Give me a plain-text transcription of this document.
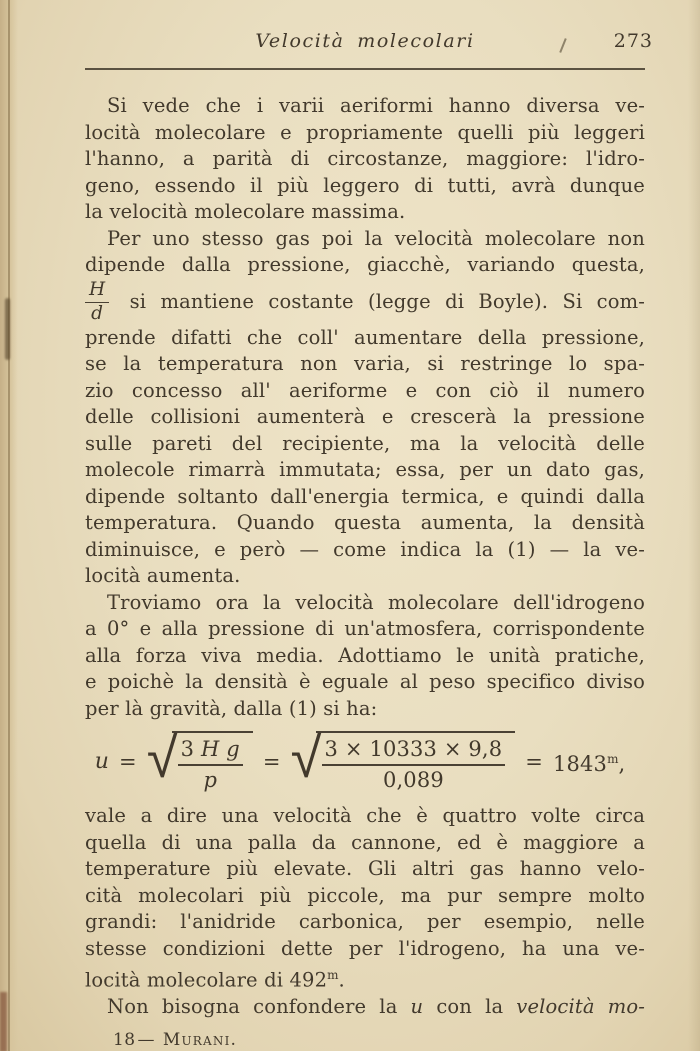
Velocità molecolari	273
Si vede che i varii aeriformi hanno diversa ve-
locità molecolare e propriamente quelli più leggeri
l'hanno, a parità di circostanze, maggiore: l'idro-
geno, essendo il più leggero di tutti, avrà dunque
la velocità molecolare massima.
Per uno stesso gas poi la velocità molecolare non
dipende dalla pressione, giacchè, variando questa,
$\frac{H}{d}$ si mantiene costante (legge di Boyle). Si com-
prende difatti che coll' aumentare della pressione,
se la temperatura non varia, si restringe lo spa-
zio concesso all' aeriforme e con ciò il numero
delle collisioni aumenterà e crescerà la pressione
sulle pareti del recipiente, ma la velocità delle
molecole rimarrà immutata; essa, per un dato gas,
dipende soltanto dall'energia termica, e quindi dalla
temperatura. Quando questa aumenta, la densità
diminuisce, e però — come indica la (1) — la ve-
locità aumenta.
Troviamo ora la velocità molecolare dell'idrogeno
a 0° e alla pressione di un'atmosfera, corrispondente
alla forza viva media. Adottiamo le unità pratiche,
e poichè la densità è eguale al peso specifico diviso
per là gravità, dalla (1) si ha:
u = √ $\frac{\text{3 H g}}{p}$ = √ $\frac{3 \times 10333 \times 9,8}{0,089} = 1843^m$,
vale a dire una velocità che è quattro volte circa
quella di una palla da cannone, ed è maggiore a
temperature più elevate. Gli altri gas hanno velo-
cità molecolari più piccole, ma pur sempre molto
grandi: l'anidride carbonica, per esempio, nelle
stesse condizioni dette per l'idrogeno, ha una ve-
locità molecolare di 492$^m$.
Non bisogna confondere la u con la velocità mo-
18 — Murani.
